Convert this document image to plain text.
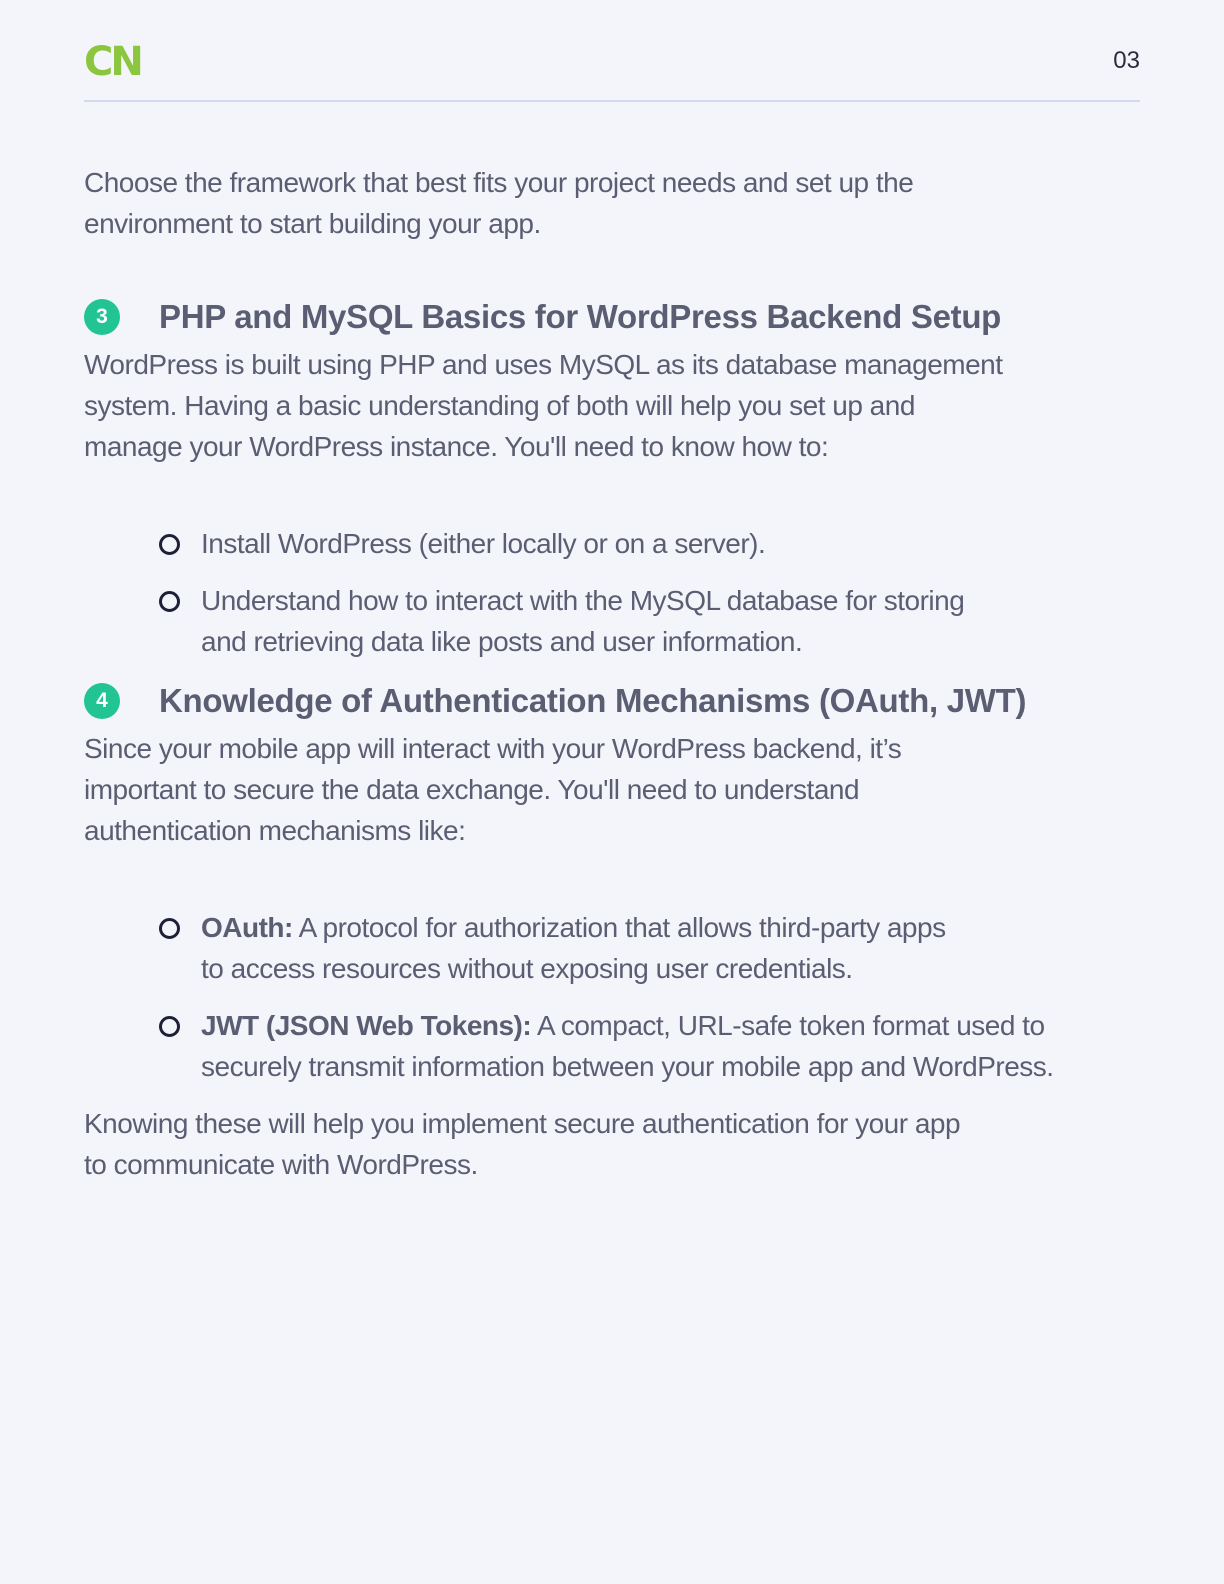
CN	03

Choose the framework that best fits your project needs and set up the
environment to start building your app.

3	PHP and MySQL Basics for WordPress Backend Setup

WordPress is built using PHP and uses MySQL as its database management
system. Having a basic understanding of both will help you set up and
manage your WordPress instance. You'll need to know how to:

Install WordPress (either locally or on a server).
Understand how to interact with the MySQL database for storing
and retrieving data like posts and user information.
4	Knowledge of Authentication Mechanisms (OAuth, JWT)

Since your mobile app will interact with your WordPress backend, it’s
important to secure the data exchange. You'll need to understand
authentication mechanisms like:

OAuth: A protocol for authorization that allows third-party apps
to access resources without exposing user credentials.
JWT (JSON Web Tokens): A compact, URL-safe token format used to
securely transmit information between your mobile app and WordPress.

Knowing these will help you implement secure authentication for your app
to communicate with WordPress.
